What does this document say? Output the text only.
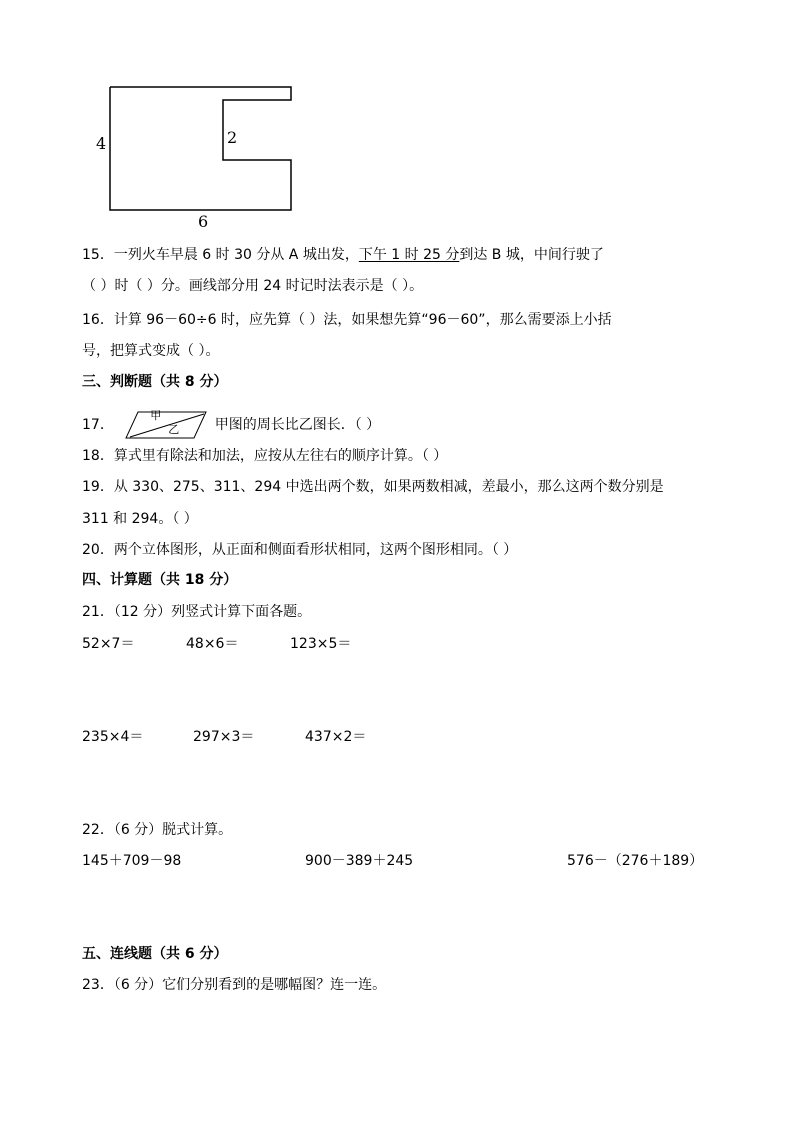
4	2
6
15．一列火车早晨 6 时 30 分从 A 城出发，下午 1 时 25 分到达 B 城，中间行驶了
（ ）时（ ）分。画线部分用 24 时记时法表示是（ ）。
16．计算 96－60÷6 时，应先算（ ）法，如果想先算“96－60”，那么需要添上小括
号，把算式变成（ ）。
三、判断题（共 8 分）
17．
甲
乙	甲图的周长比乙图长．（ ）
18．算式里有除法和加法，应按从左往右的顺序计算。（ ）
19．从 330、275、311、294 中选出两个数，如果两数相减，差最小，那么这两个数分别是
311 和 294。（ ）
20．两个立体图形，从正面和侧面看形状相同，这两个图形相同。（ ）
四、计算题（共 18 分）
21．（12 分）列竖式计算下面各题。
52×7＝	48×6＝	123×5＝
235×4＝	297×3＝	437×2＝
22．（6 分）脱式计算。
145＋709－98	900－389＋245	576－（276＋189）
五、连线题（共 6 分）
23．（6 分）它们分别看到的是哪幅图？连一连。
